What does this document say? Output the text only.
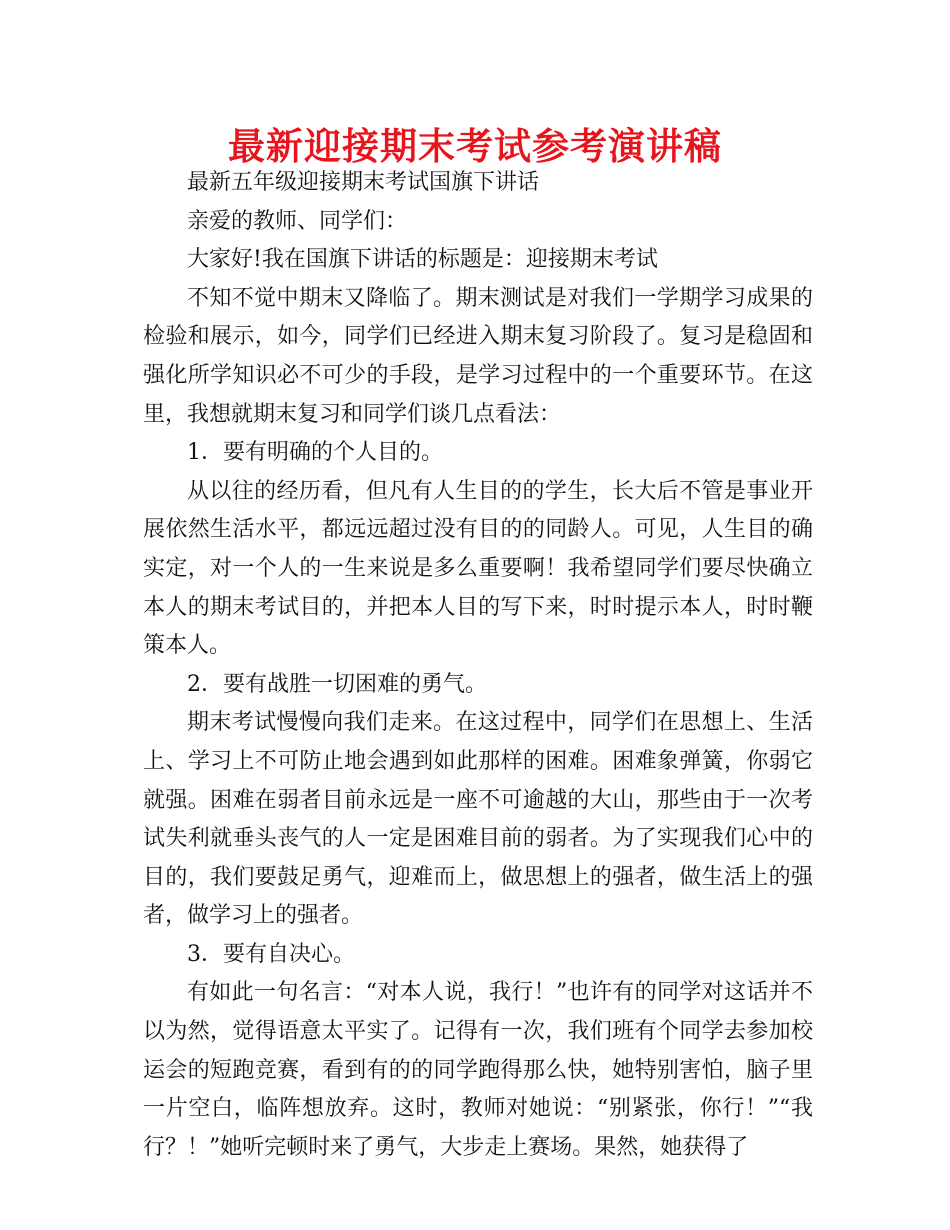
最新迎接期末考试参考演讲稿

最新五年级迎接期末考试国旗下讲话

亲爱的教师、同学们：

大家好!我在国旗下讲话的标题是：迎接期末考试

不知不觉中期末又降临了。期末测试是对我们一学期学习成果的检验和展示，如今，同学们已经进入期末复习阶段了。复习是稳固和强化所学知识必不可少的手段，是学习过程中的一个重要环节。在这里，我想就期末复习和同学们谈几点看法：

1．要有明确的个人目的。

从以往的经历看，但凡有人生目的的学生，长大后不管是事业开展依然生活水平，都远远超过没有目的的同龄人。可见，人生目的确实定，对一个人的一生来说是多么重要啊！我希望同学们要尽快确立本人的期末考试目的，并把本人目的写下来，时时提示本人，时时鞭策本人。

2．要有战胜一切困难的勇气。

期末考试慢慢向我们走来。在这过程中，同学们在思想上、生活上、学习上不可防止地会遇到如此那样的困难。困难象弹簧，你弱它就强。困难在弱者目前永远是一座不可逾越的大山，那些由于一次考试失利就垂头丧气的人一定是困难目前的弱者。为了实现我们心中的目的，我们要鼓足勇气，迎难而上，做思想上的强者，做生活上的强者，做学习上的强者。

3．要有自决心。

有如此一句名言：“对本人说，我行！”也许有的同学对这话并不以为然，觉得语意太平实了。记得有一次，我们班有个同学去参加校运会的短跑竞赛，看到有的的同学跑得那么快，她特别害怕，脑子里一片空白，临阵想放弃。这时，教师对她说：“别紧张，你行！”“我行？！”她听完顿时来了勇气，大步走上赛场。果然，她获得了
